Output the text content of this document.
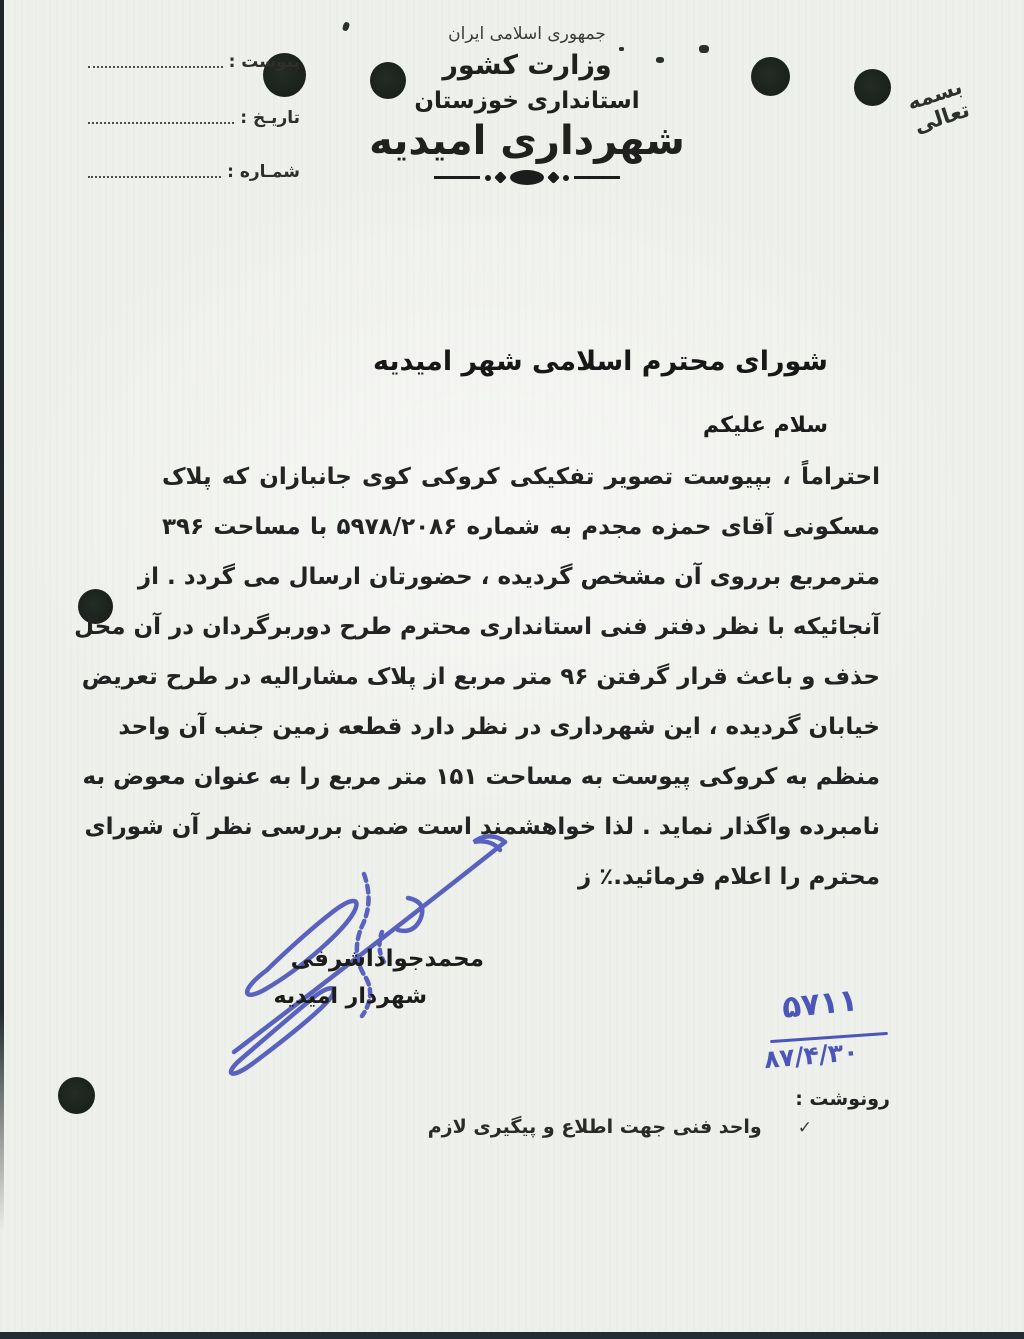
جمهوری اسلامی ایران
وزارت کشور
استانداری خوزستان
شهرداری امیدیه
بسمه تعالی
تاریـخ :
شمـاره :
پیوست :
شورای محترم اسلامی شهر امیدیه
سلام علیکم
احتراماً ، بپیوست تصویر تفکیکی کروکی کوی جانبازان که پلاک
مسکونی آقای حمزه مجدم به شماره ۵۹۷۸/۲۰۸۶ با مساحت ۳۹۶
مترمربع برروی آن مشخص گردیده ، حضورتان ارسال می گردد . از
آنجائیکه با نظر دفتر فنی استانداری محترم طرح دوربرگردان در آن محل
حذف و باعث قرار گرفتن ۹۶ متر مربع از پلاک مشارالیه در طرح تعریض
خیابان گردیده ، این شهرداری در نظر دارد قطعه زمین جنب آن واحد
منظم به کروکی پیوست به مساحت ۱۵۱ متر مربع را به عنوان معوض به
نامبرده واگذار نماید . لذا خواهشمند است ضمن بررسی نظر آن شورای
محترم را اعلام فرمائید.٪ ز
محمدجواداشرفی
شهردار امیدیه	۵۷۱۱
۸۷/۴/۳۰
رونوشت :
✓
واحد فنی جهت اطلاع و پیگیری لازم
